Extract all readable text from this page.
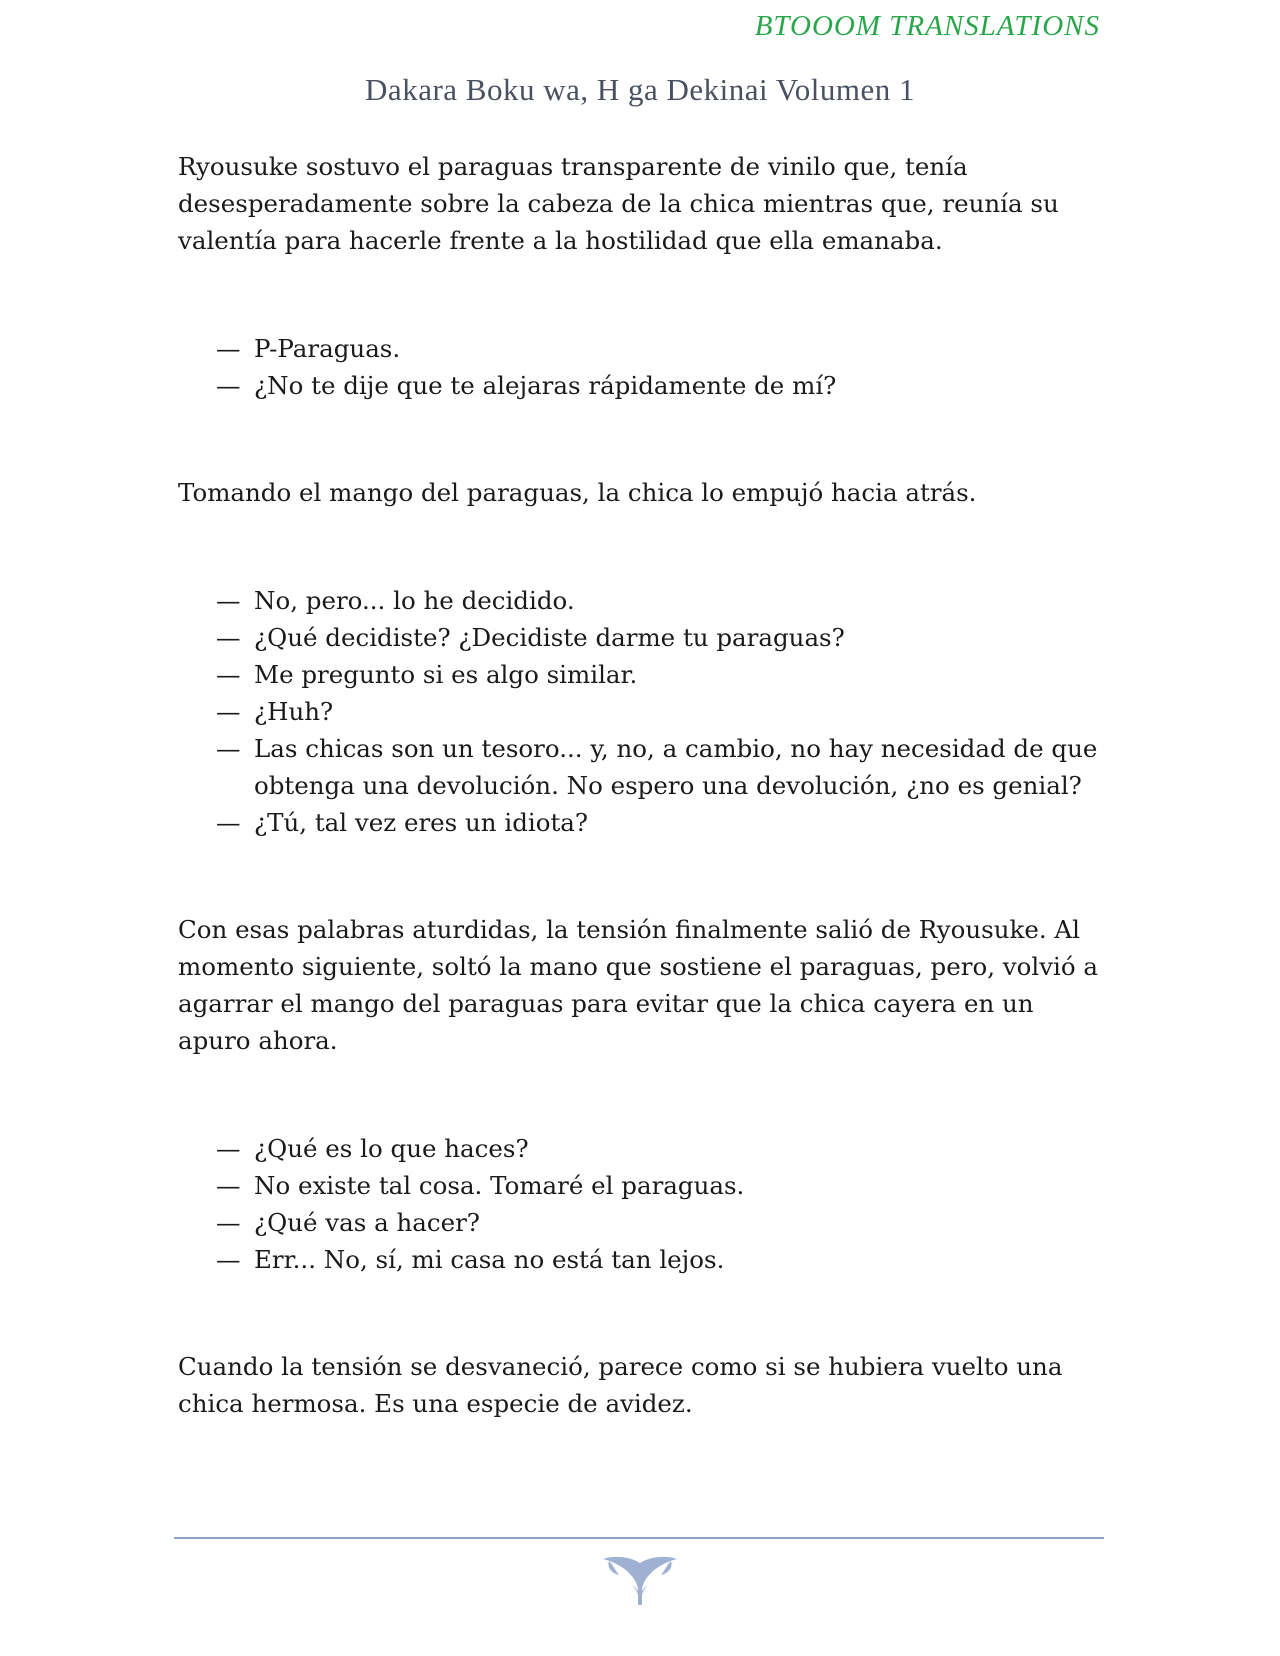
BTOOOM TRANSLATIONS
Dakara Boku wa, H ga Dekinai Volumen 1

Ryousuke sostuvo el paraguas transparente de vinilo que, tenía desesperadamente sobre la cabeza de la chica mientras que, reunía su valentía para hacerle frente a la hostilidad que ella emanaba.

— P-Paraguas.
— ¿No te dije que te alejaras rápidamente de mí?

Tomando el mango del paraguas, la chica lo empujó hacia atrás.

— No, pero... lo he decidido.
— ¿Qué decidiste? ¿Decidiste darme tu paraguas?
— Me pregunto si es algo similar.
— ¿Huh?
— Las chicas son un tesoro... y, no, a cambio, no hay necesidad de que obtenga una devolución. No espero una devolución, ¿no es genial?
— ¿Tú, tal vez eres un idiota?

Con esas palabras aturdidas, la tensión finalmente salió de Ryousuke. Al momento siguiente, soltó la mano que sostiene el paraguas, pero, volvió a agarrar el mango del paraguas para evitar que la chica cayera en un apuro ahora.

— ¿Qué es lo que haces?
— No existe tal cosa. Tomaré el paraguas.
— ¿Qué vas a hacer?
— Err... No, sí, mi casa no está tan lejos.

Cuando la tensión se desvaneció, parece como si se hubiera vuelto una chica hermosa. Es una especie de avidez.
